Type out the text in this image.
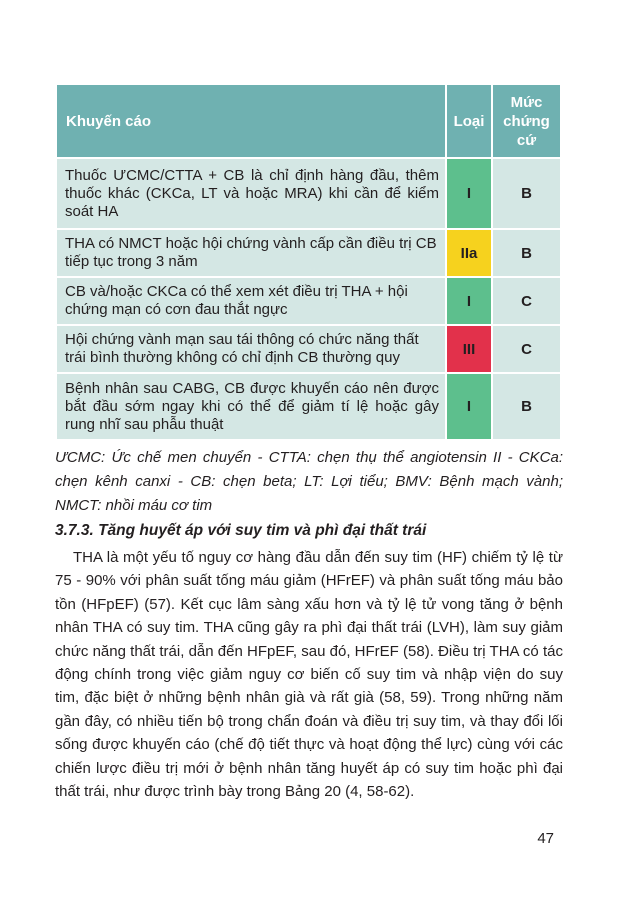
Khuyến cáo	Loại	Mức chứng cứ
Thuốc ƯCMC/CTTA + CB là chỉ định hàng đầu, thêm thuốc khác (CKCa, LT và hoặc MRA) khi cần để kiểm soát HA	I	B
THA có NMCT hoặc hội chứng vành cấp cần điều trị CB tiếp tục trong 3 năm	IIa	B
CB và/hoặc CKCa có thể xem xét điều trị THA + hội chứng mạn có cơn đau thắt ngực	I	C
Hội chứng vành mạn sau tái thông có chức năng thất trái bình thường không có chỉ định CB thường quy	III	C
Bệnh nhân sau CABG, CB được khuyến cáo nên được bắt đầu sớm ngay khi có thể để giảm tí lệ hoặc gây rung nhĩ sau phẫu thuật	I	B
ƯCMC: Ức chế men chuyển - CTTA: chẹn thụ thể angiotensin II - CKCa: chẹn kênh canxi - CB: chẹn beta; LT: Lợi tiểu; BMV: Bệnh mạch vành; NMCT: nhồi máu cơ tim
3.7.3. Tăng huyết áp với suy tim và phì đại thất trái
THA là một yếu tố nguy cơ hàng đầu dẫn đến suy tim (HF) chiếm tỷ lệ từ 75 - 90% với phân suất tống máu giảm (HFrEF) và phân suất tống máu bảo tồn (HFpEF) (57). Kết cục lâm sàng xấu hơn và tỷ lệ tử vong tăng ở bệnh nhân THA có suy tim. THA cũng gây ra phì đại thất trái (LVH), làm suy giảm chức năng thất trái, dẫn đến HFpEF, sau đó, HFrEF (58). Điều trị THA có tác động chính trong việc giảm nguy cơ biến cố suy tim và nhập viện do suy tim, đặc biệt ở những bệnh nhân già và rất già (58, 59). Trong những năm gần đây, có nhiều tiến bộ trong chẩn đoán và điều trị suy tim, và thay đổi lối sống được khuyến cáo (chế độ tiết thực và hoạt động thể lực) cùng với các chiến lược điều trị mới ở bệnh nhân tăng huyết áp có suy tim hoặc phì đại thất trái, như được trình bày trong Bảng 20 (4, 58-62).
47
